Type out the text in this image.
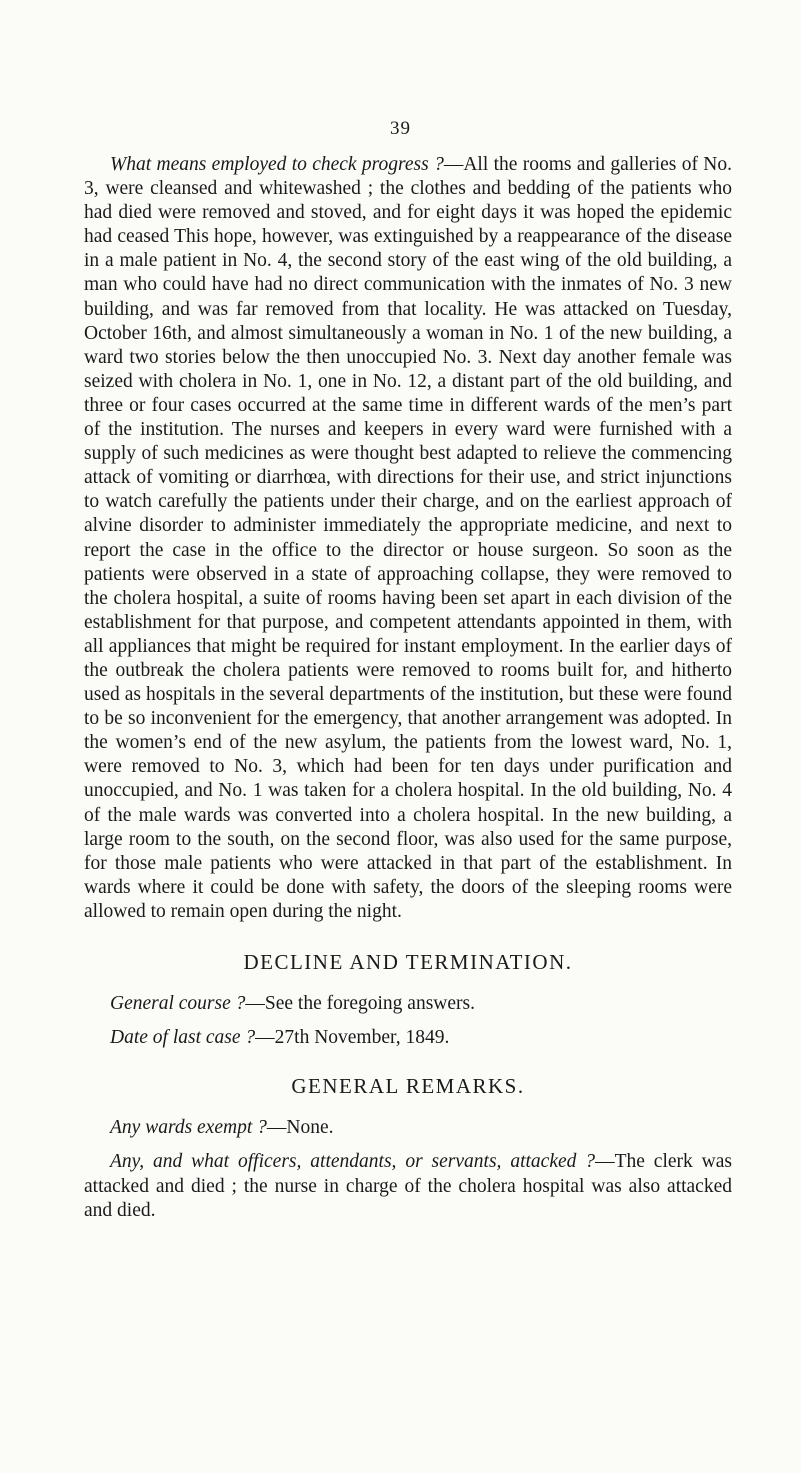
39

What means employed to check progress ?—All the rooms and galleries of No. 3, were cleansed and whitewashed ; the clothes and bedding of the patients who had died were removed and stoved, and for eight days it was hoped the epidemic had ceased This hope, however, was extinguished by a reappearance of the disease in a male patient in No. 4, the second story of the east wing of the old building, a man who could have had no direct communication with the inmates of No. 3 new building, and was far removed from that locality. He was attacked on Tuesday, October 16th, and almost simultaneously a woman in No. 1 of the new building, a ward two stories below the then unoccupied No. 3. Next day another female was seized with cholera in No. 1, one in No. 12, a distant part of the old building, and three or four cases occurred at the same time in different wards of the men’s part of the institution. The nurses and keepers in every ward were furnished with a supply of such medicines as were thought best adapted to relieve the commencing attack of vomiting or diarrhœa, with directions for their use, and strict injunctions to watch carefully the patients under their charge, and on the earliest approach of alvine disorder to administer immediately the appropriate medicine, and next to report the case in the office to the director or house surgeon. So soon as the patients were observed in a state of approaching collapse, they were removed to the cholera hospital, a suite of rooms having been set apart in each division of the establishment for that purpose, and competent attendants appointed in them, with all appliances that might be required for instant employment. In the earlier days of the outbreak the cholera patients were removed to rooms built for, and hitherto used as hospitals in the several departments of the institution, but these were found to be so inconvenient for the emergency, that another arrangement was adopted. In the women’s end of the new asylum, the patients from the lowest ward, No. 1, were removed to No. 3, which had been for ten days under purification and unoccupied, and No. 1 was taken for a cholera hospital. In the old building, No. 4 of the male wards was converted into a cholera hospital. In the new building, a large room to the south, on the second floor, was also used for the same purpose, for those male patients who were attacked in that part of the establishment. In wards where it could be done with safety, the doors of the sleeping rooms were allowed to remain open during the night.

DECLINE AND TERMINATION.

General course ?—See the foregoing answers.

Date of last case ?—27th November, 1849.

GENERAL REMARKS.

Any wards exempt ?—None.

Any, and what officers, attendants, or servants, attacked ?—The clerk was attacked and died ; the nurse in charge of the cholera hospital was also attacked and died.
